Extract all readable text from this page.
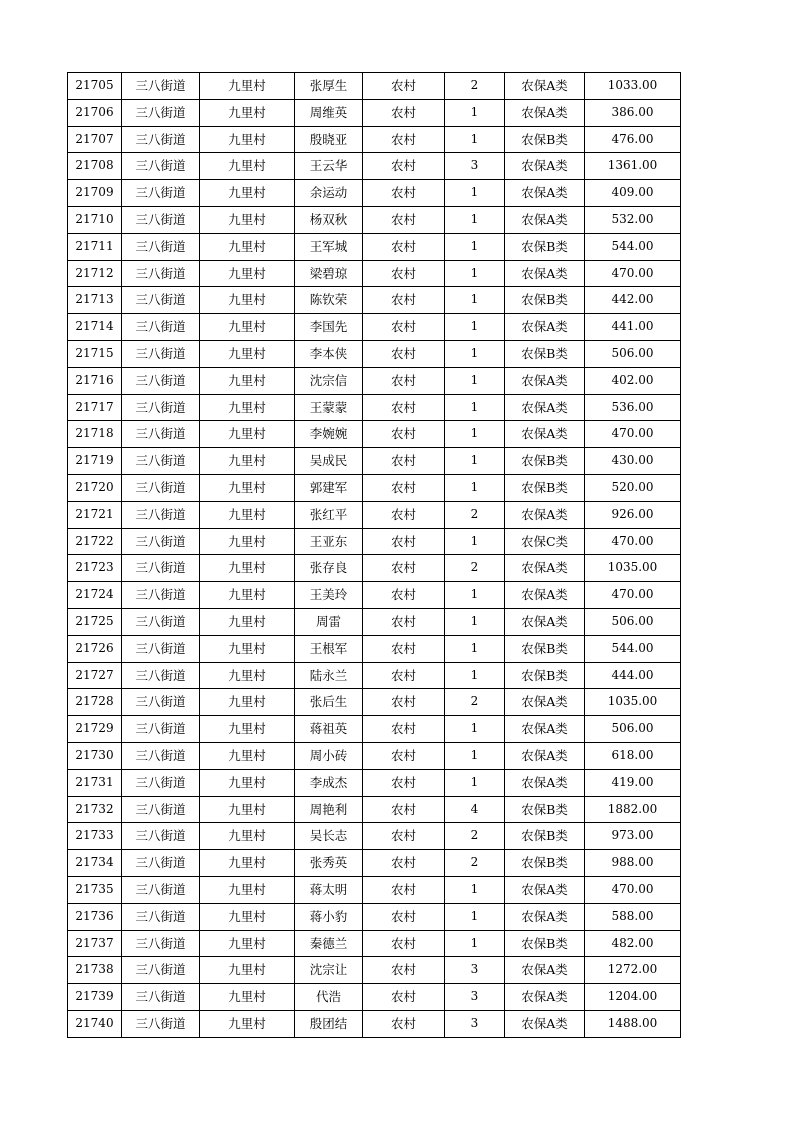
21705	三八街道	九里村	张厚生	农村	2	农保A类	1033.00
21706	三八街道	九里村	周维英	农村	1	农保A类	386.00
21707	三八街道	九里村	殷晓亚	农村	1	农保B类	476.00
21708	三八街道	九里村	王云华	农村	3	农保A类	1361.00
21709	三八街道	九里村	余运动	农村	1	农保A类	409.00
21710	三八街道	九里村	杨双秋	农村	1	农保A类	532.00
21711	三八街道	九里村	王军城	农村	1	农保B类	544.00
21712	三八街道	九里村	梁碧琼	农村	1	农保A类	470.00
21713	三八街道	九里村	陈钦荣	农村	1	农保B类	442.00
21714	三八街道	九里村	李国先	农村	1	农保A类	441.00
21715	三八街道	九里村	李本侠	农村	1	农保B类	506.00
21716	三八街道	九里村	沈宗信	农村	1	农保A类	402.00
21717	三八街道	九里村	王蒙蒙	农村	1	农保A类	536.00
21718	三八街道	九里村	李婉婉	农村	1	农保A类	470.00
21719	三八街道	九里村	吴成民	农村	1	农保B类	430.00
21720	三八街道	九里村	郭建军	农村	1	农保B类	520.00
21721	三八街道	九里村	张红平	农村	2	农保A类	926.00
21722	三八街道	九里村	王亚东	农村	1	农保C类	470.00
21723	三八街道	九里村	张存良	农村	2	农保A类	1035.00
21724	三八街道	九里村	王美玲	农村	1	农保A类	470.00
21725	三八街道	九里村	周雷	农村	1	农保A类	506.00
21726	三八街道	九里村	王根军	农村	1	农保B类	544.00
21727	三八街道	九里村	陆永兰	农村	1	农保B类	444.00
21728	三八街道	九里村	张后生	农村	2	农保A类	1035.00
21729	三八街道	九里村	蒋祖英	农村	1	农保A类	506.00
21730	三八街道	九里村	周小砖	农村	1	农保A类	618.00
21731	三八街道	九里村	李成杰	农村	1	农保A类	419.00
21732	三八街道	九里村	周艳利	农村	4	农保B类	1882.00
21733	三八街道	九里村	吴长志	农村	2	农保B类	973.00
21734	三八街道	九里村	张秀英	农村	2	农保B类	988.00
21735	三八街道	九里村	蒋太明	农村	1	农保A类	470.00
21736	三八街道	九里村	蒋小豹	农村	1	农保A类	588.00
21737	三八街道	九里村	秦德兰	农村	1	农保B类	482.00
21738	三八街道	九里村	沈宗让	农村	3	农保A类	1272.00
21739	三八街道	九里村	代浩	农村	3	农保A类	1204.00
21740	三八街道	九里村	殷团结	农村	3	农保A类	1488.00
